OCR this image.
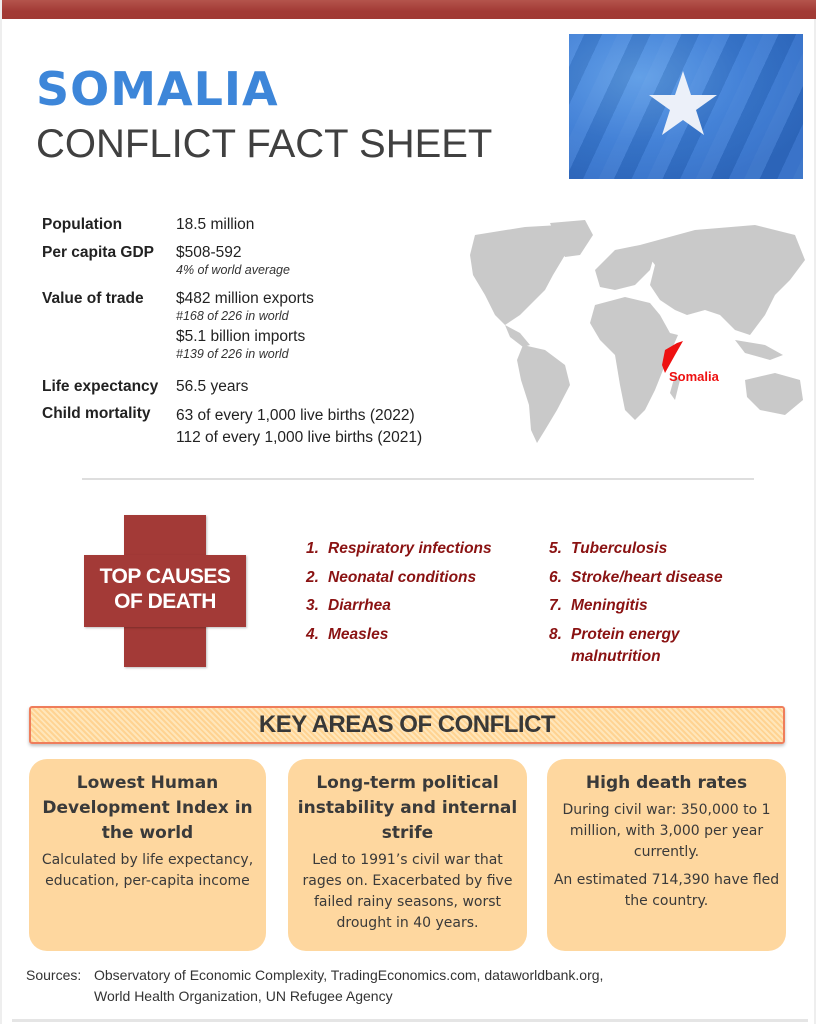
SOMALIA
CONFLICT FACT SHEET
Population	18.5 million
Per capita GDP	$508-592
4% of world average
Value of trade	$482 million exports
#168 of 226 in world
$5.1 billion imports
#139 of 226 in world
Life expectancy	56.5 years
Child mortality	63 of every 1,000 live births (2022)
112 of every 1,000 live births (2021)
Somalia
TOP CAUSES
OF DEATH
1. Respiratory infections
2. Neonatal conditions
3. Diarrhea
4. Measles
5. Tuberculosis
6. Stroke/heart disease
7. Meningitis
8. Protein energy malnutrition
KEY AREAS OF CONFLICT
Lowest Human Development Index in the world

Calculated by life expectancy, education, per-capita income

Long-term political instability and internal strife

Led to 1991’s civil war that rages on. Exacerbated by five failed rainy seasons, worst drought in 40 years.

High death rates

During civil war: 350,000 to 1 million, with 3,000 per year currently.

An estimated 714,390 have fled the country.

Sources: Observatory of Economic Complexity, TradingEconomics.com, dataworldbank.org,
World Health Organization, UN Refugee Agency
